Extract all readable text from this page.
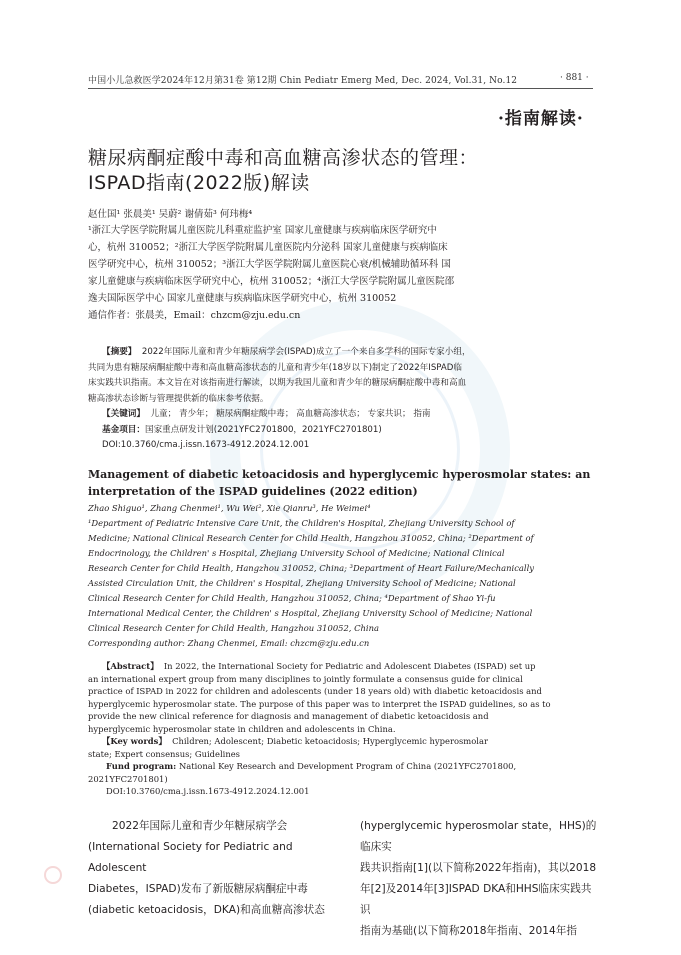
中国小儿急救医学2024年12月第31卷 第12期 Chin Pediatr Emerg Med, Dec. 2024, Vol.31, No.12	· 881 ·
·指南解读·
糖尿病酮症酸中毒和高血糖高渗状态的管理：
ISPAD指南(2022版)解读
赵仕国¹ 张晨美¹ 吴蔚² 谢倩茹³ 何玮梅⁴
¹浙江大学医学院附属儿童医院儿科重症监护室 国家儿童健康与疾病临床医学研究中
心，杭州 310052；²浙江大学医学院附属儿童医院内分泌科 国家儿童健康与疾病临床
医学研究中心，杭州 310052；³浙江大学医学院附属儿童医院心衰/机械辅助循环科 国
家儿童健康与疾病临床医学研究中心，杭州 310052；⁴浙江大学医学院附属儿童医院邵
逸夫国际医学中心 国家儿童健康与疾病临床医学研究中心，杭州 310052
通信作者：张晨美，Email：chzcm@zju.edu.cn
【摘要】 2022年国际儿童和青少年糖尿病学会(ISPAD)成立了一个来自多学科的国际专家小组，
共同为患有糖尿病酮症酸中毒和高血糖高渗状态的儿童和青少年(18岁以下)制定了2022年ISPAD临
床实践共识指南。本文旨在对该指南进行解读，以期为我国儿童和青少年的糖尿病酮症酸中毒和高血
糖高渗状态诊断与管理提供新的临床参考依据。
【关键词】 儿童； 青少年； 糖尿病酮症酸中毒； 高血糖高渗状态； 专家共识； 指南
基金项目：国家重点研发计划(2021YFC2701800，2021YFC2701801)
DOI:10.3760/cma.j.issn.1673-4912.2024.12.001
Management of diabetic ketoacidosis and hyperglycemic hyperosmolar states: an
interpretation of the ISPAD guidelines (2022 edition)
Zhao Shiguo¹, Zhang Chenmei¹, Wu Wei², Xie Qianru³, He Weimei⁴
¹Department of Pediatric Intensive Care Unit, the Children's Hospital, Zhejiang University School of
Medicine; National Clinical Research Center for Child Health, Hangzhou 310052, China; ²Department of
Endocrinology, the Children' s Hospital, Zhejiang University School of Medicine; National Clinical
Research Center for Child Health, Hangzhou 310052, China; ³Department of Heart Failure/Mechanically
Assisted Circulation Unit, the Children' s Hospital, Zhejiang University School of Medicine; National
Clinical Research Center for Child Health, Hangzhou 310052, China; ⁴Department of Shao Yi-fu
International Medical Center, the Children' s Hospital, Zhejiang University School of Medicine; National
Clinical Research Center for Child Health, Hangzhou 310052, China
Corresponding author: Zhang Chenmei, Email: chzcm@zju.edu.cn
【Abstract】 In 2022, the International Society for Pediatric and Adolescent Diabetes (ISPAD) set up
an international expert group from many disciplines to jointly formulate a consensus guide for clinical
practice of ISPAD in 2022 for children and adolescents (under 18 years old) with diabetic ketoacidosis and
hyperglycemic hyperosmolar state. The purpose of this paper was to interpret the ISPAD guidelines, so as to
provide the new clinical reference for diagnosis and management of diabetic ketoacidosis and
hyperglycemic hyperosmolar state in children and adolescents in China.
【Key words】 Children; Adolescent; Diabetic ketoacidosis; Hyperglycemic hyperosmolar
state; Expert consensus; Guidelines
Fund program: National Key Research and Development Program of China (2021YFC2701800,
2021YFC2701801)
DOI:10.3760/cma.j.issn.1673-4912.2024.12.001
2022年国际儿童和青少年糖尿病学会
(International Society for Pediatric and Adolescent
Diabetes，ISPAD)发布了新版糖尿病酮症中毒
(diabetic ketoacidosis，DKA)和高血糖高渗状态
(hyperglycemic hyperosmolar state，HHS)的临床实
践共识指南[1](以下简称2022年指南)，其以2018
年[2]及2014年[3]ISPAD DKA和HHS临床实践共识
指南为基础(以下简称2018年指南、2014年指
